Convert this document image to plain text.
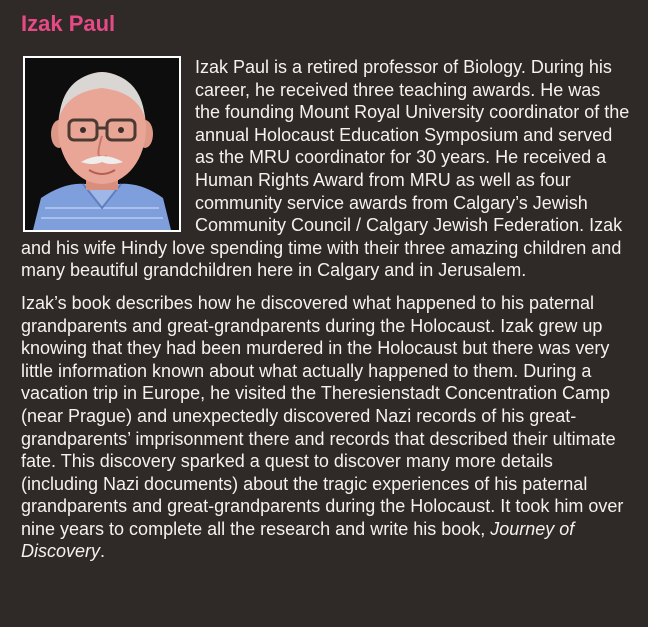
Izak Paul

Izak Paul is a retired professor of Biology. During his career, he received three teaching awards. He was the founding Mount Royal University coordinator of the annual Holocaust Education Symposium and served as the MRU coordinator for 30 years. He received a Human Rights Award from MRU as well as four community service awards from Calgary’s Jewish Community Council / Calgary Jewish Federation. Izak and his wife Hindy love spending time with their three amazing children and many beautiful grandchildren here in Calgary and in Jerusalem.

Izak’s book describes how he discovered what happened to his paternal grandparents and great-grandparents during the Holocaust. Izak grew up knowing that they had been murdered in the Holocaust but there was very little information known about what actually happened to them. During a vacation trip in Europe, he visited the Theresienstadt Concentration Camp (near Prague) and unexpectedly discovered Nazi records of his great-grandparents’ imprisonment there and records that described their ultimate fate. This discovery sparked a quest to discover many more details (including Nazi documents) about the tragic experiences of his paternal grandparents and great-grandparents during the Holocaust. It took him over nine years to complete all the research and write his book, Journey of Discovery.
